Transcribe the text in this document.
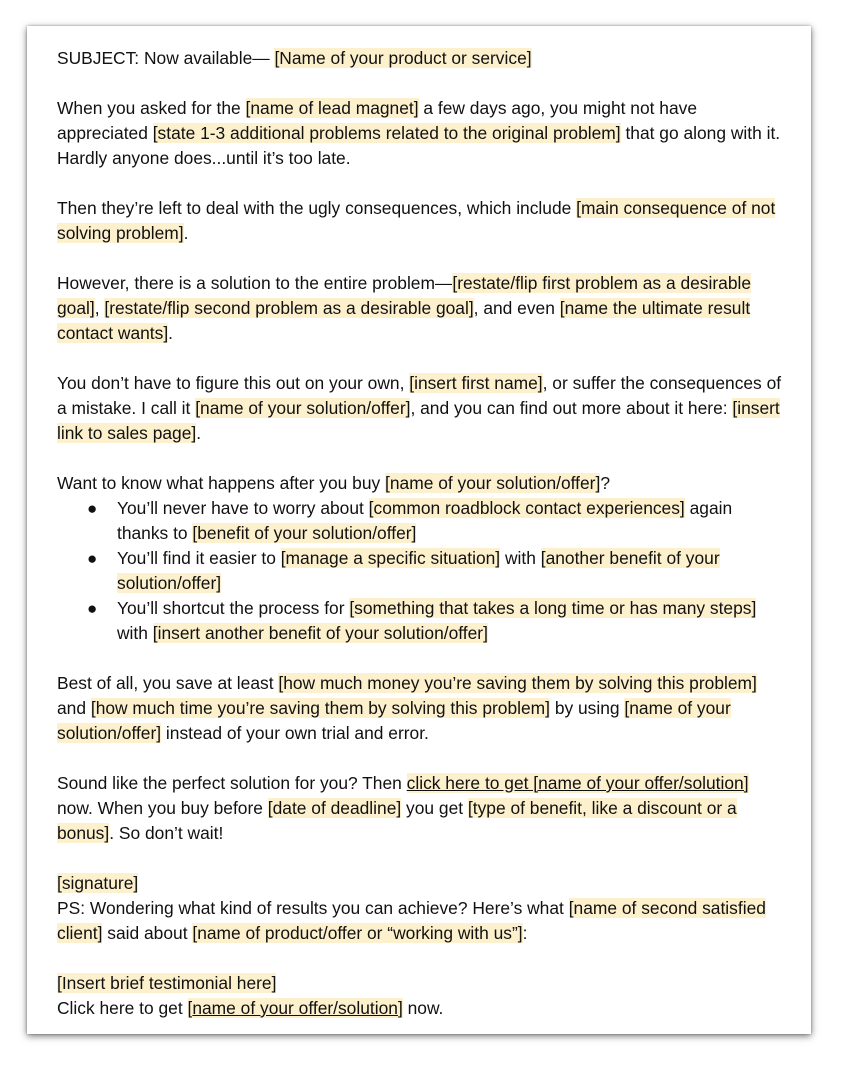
SUBJECT: Now available— [Name of your product or service]

When you asked for the [name of lead magnet] a few days ago, you might not have appreciated [state 1-3 additional problems related to the original problem] that go along with it. Hardly anyone does...until it’s too late.

Then they’re left to deal with the ugly consequences, which include [main consequence of not solving problem].

However, there is a solution to the entire problem—[restate/flip first problem as a desirable goal], [restate/flip second problem as a desirable goal], and even [name the ultimate result contact wants].

You don’t have to figure this out on your own, [insert first name], or suffer the consequences of a mistake. I call it [name of your solution/offer], and you can find out more about it here: [insert link to sales page].

Want to know what happens after you buy [name of your solution/offer]?

● You’ll never have to worry about [common roadblock contact experiences] again thanks to [benefit of your solution/offer]
● You’ll find it easier to [manage a specific situation] with [another benefit of your solution/offer]
● You’ll shortcut the process for [something that takes a long time or has many steps] with [insert another benefit of your solution/offer]

Best of all, you save at least [how much money you’re saving them by solving this problem] and [how much time you’re saving them by solving this problem] by using [name of your solution/offer] instead of your own trial and error.

Sound like the perfect solution for you? Then click here to get [name of your offer/solution] now. When you buy before [date of deadline] you get [type of benefit, like a discount or a bonus]. So don’t wait!

[signature]

PS: Wondering what kind of results you can achieve? Here’s what [name of second satisfied client] said about [name of product/offer or “working with us”]:

[Insert brief testimonial here]

Click here to get [name of your offer/solution] now.
